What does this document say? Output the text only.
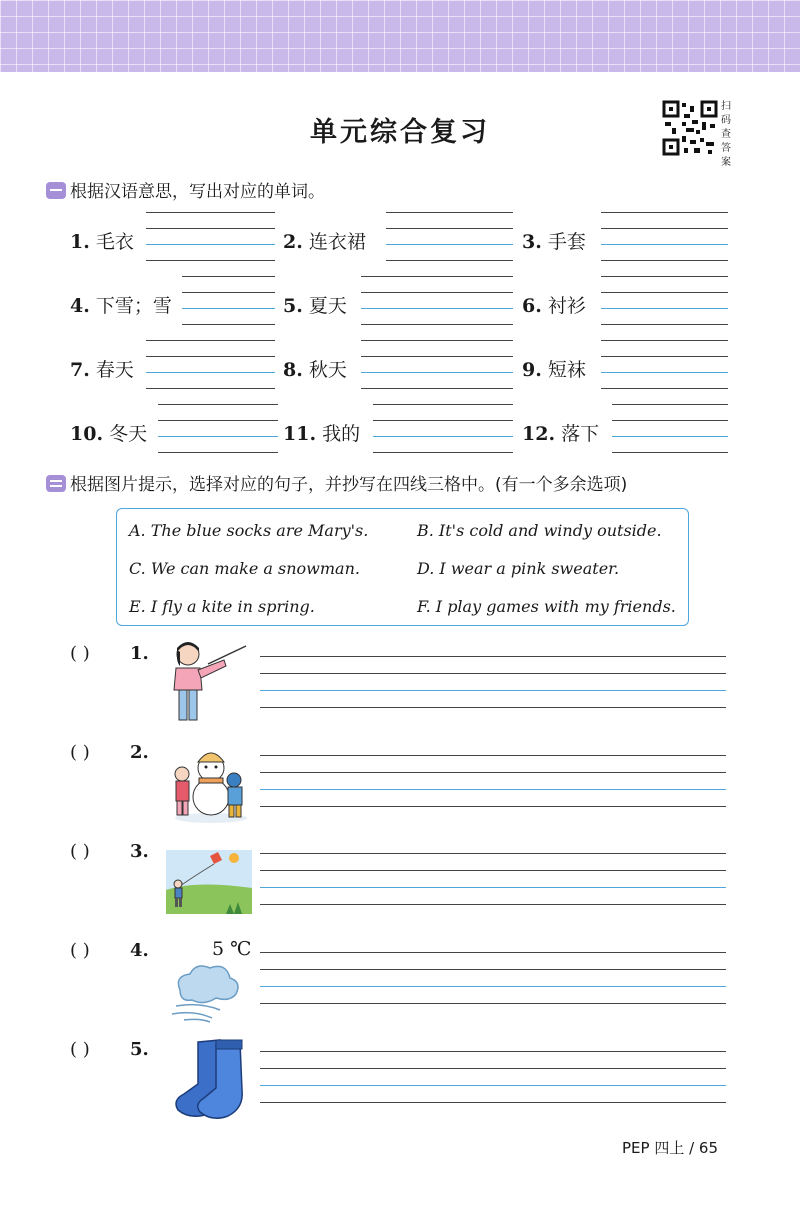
单元综合复习
扫
码
查
答
案
根据汉语意思，写出对应的单词。
1. 毛衣	2. 连衣裙	3. 手套
4. 下雪；雪	5. 夏天	6. 衬衫
7. 春天	8. 秋天	9. 短袜
10. 冬天	11. 我的	12. 落下
根据图片提示，选择对应的句子，并抄写在四线三格中。(有一个多余选项)
A. The blue socks are Mary's.	B. It's cold and windy outside.
C. We can make a snowman.	D. I wear a pink sweater.
E. I fly a kite in spring.	F. I play games with my friends.
( ) 1.
( ) 2.
( ) 3.
( ) 4.
( ) 5.
5 ℃
PEP 四上 / 65
